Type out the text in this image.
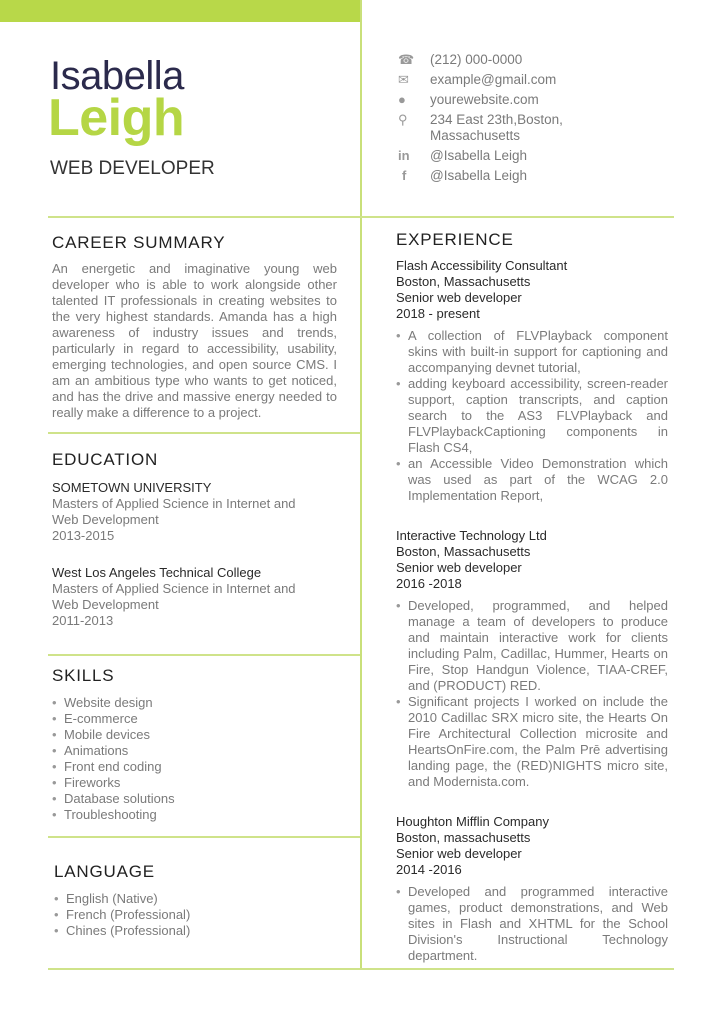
Isabella
Leigh
WEB DEVELOPER
☎	(212) 000-0000
✉	example@gmail.com
●	yourewebsite.com
⚲	234 East 23th,Boston, Massachusetts
in	@Isabella Leigh
f	@Isabella Leigh
CAREER SUMMARY

An energetic and imaginative young web developer who is able to work alongside other talented IT professionals in creating websites to the very highest standards. Amanda has a high awareness of industry issues and trends, particularly in regard to accessibility, usability, emerging technologies, and open source CMS. I am an ambitious type who wants to get noticed, and has the drive and massive energy needed to really make a difference to a project.

EDUCATION
SOMETOWN UNIVERSITY
Masters of Applied Science in Internet and Web Development
2013-2015
West Los Angeles Technical College
Masters of Applied Science in Internet and Web Development
2011-2013
SKILLS
• Website design
• E-commerce
• Mobile devices
• Animations
• Front end coding
• Fireworks
• Database solutions
• Troubleshooting
LANGUAGE
• English (Native)
• French (Professional)
• Chines (Professional)
EXPERIENCE
Flash Accessibility Consultant
Boston, Massachusetts
Senior web developer
2018 - present
• A collection of FLVPlayback component skins with built-in support for captioning and accompanying devnet tutorial,
• adding keyboard accessibility, screen-reader support, caption transcripts, and caption search to the AS3 FLVPlayback and FLVPlaybackCaptioning components in Flash CS4,
• an Accessible Video Demonstration which was used as part of the WCAG 2.0 Implementation Report,
Interactive Technology Ltd
Boston, Massachusetts
Senior web developer
2016 -2018
• Developed, programmed, and helped manage a team of developers to produce and maintain interactive work for clients including Palm, Cadillac, Hummer, Hearts on Fire, Stop Handgun Violence, TIAA-CREF, and (PRODUCT) RED.
• Significant projects I worked on include the 2010 Cadillac SRX micro site, the Hearts On Fire Architectural Collection microsite and HeartsOnFire.com, the Palm Prē advertising landing page, the (RED)NIGHTS micro site, and Modernista.com.
Houghton Mifflin Company
Boston, massachusetts
Senior web developer
2014 -2016
• Developed and programmed interactive games, product demonstrations, and Web sites in Flash and XHTML for the School Division's Instructional Technology department.
